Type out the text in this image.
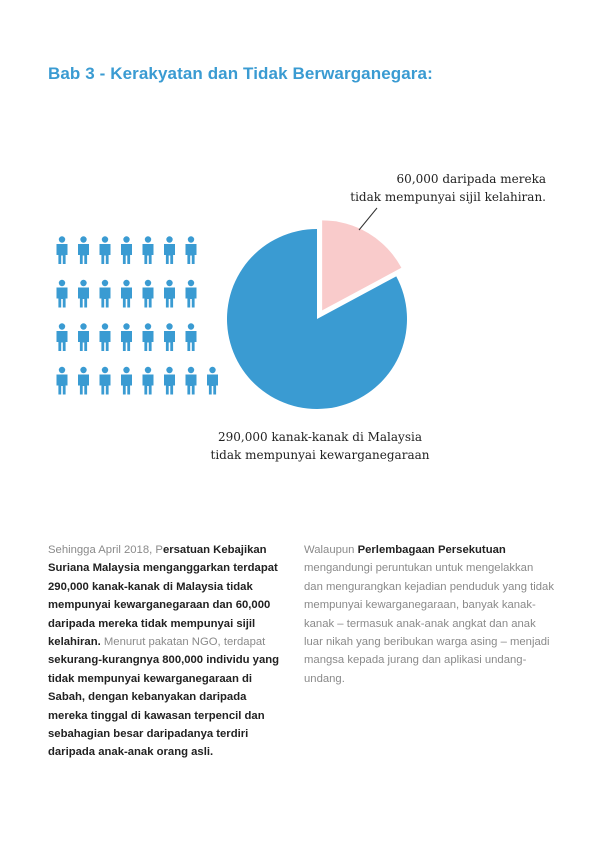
Bab 3 - Kerakyatan dan Tidak Berwarganegara:
60,000 daripada mereka
tidak mempunyai sijil kelahiran.
290,000 kanak-kanak di Malaysia
tidak mempunyai kewarganegaraan
Sehingga April 2018, Persatuan Kebajikan Suriana Malaysia menganggarkan terdapat 290,000 kanak-kanak di Malaysia tidak mempunyai kewarganegaraan dan 60,000 daripada mereka tidak mempunyai sijil kelahiran. Menurut pakatan NGO, terdapat sekurang-kurangnya 800,000 individu yang tidak mempunyai kewarganegaraan di Sabah, dengan kebanyakan daripada mereka tinggal di kawasan terpencil dan sebahagian besar daripadanya terdiri daripada anak-anak orang asli.
Walaupun Perlembagaan Persekutuan mengandungi peruntukan untuk mengelakkan dan mengurangkan kejadian penduduk yang tidak mempunyai kewarganegaraan, banyak kanak-kanak – termasuk anak-anak angkat dan anak luar nikah yang beribukan warga asing – menjadi mangsa kepada jurang dan aplikasi undang-undang.
